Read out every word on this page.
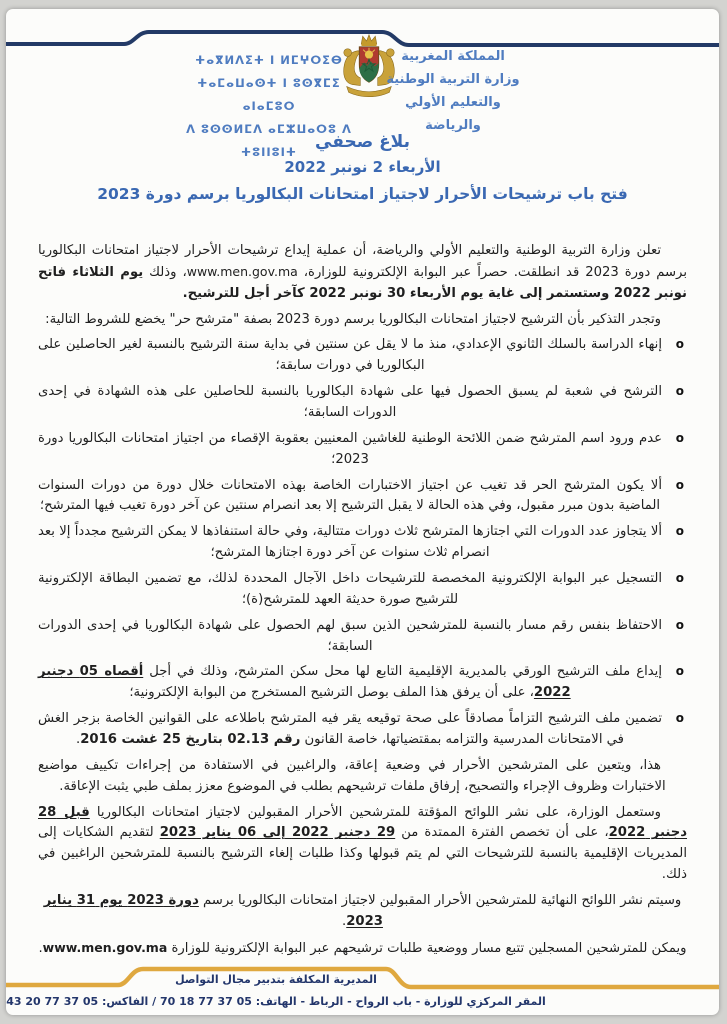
ⵜⴰⴳⵍⴷⵉⵜ ⵏ ⵍⵎⵖⵔⵉⴱ
ⵜⴰⵎⴰⵡⴰⵙⵜ ⵏ ⵓⵙⴳⵎⵉ ⴰⵏⴰⵎⵓⵔ
ⴷ ⵓⵙⵙⵍⵎⴷ ⴰⵎⵣⵡⴰⵔⵓ ⴷ ⵜⵓⵏⵏⵓⵏⵜ
المملكة المغربية
وزارة التربية الوطنية
والتعليم الأولي والرياضة
بلاغ صحفي
الأربعاء 2 نونبر 2022
فتح باب ترشيحات الأحرار لاجتياز امتحانات البكالوريا برسم دورة 2023

تعلن وزارة التربية الوطنية والتعليم الأولي والرياضة، أن عملية إيداع ترشيحات الأحرار لاجتياز امتحانات البكالوريا برسم دورة 2023 قد انطلقت. حصراً عبر البوابة الإلكترونية للوزارة، www.men.gov.ma، وذلك يوم الثلاثاء فاتح نونبر 2022 وستستمر إلى غاية يوم الأربعاء 30 نونبر 2022 كآخر أجل للترشيح.

وتجدر التذكير بأن الترشيح لاجتياز امتحانات البكالوريا برسم دورة 2023 بصفة "مترشح حر" يخضع للشروط التالية:

o إنهاء الدراسة بالسلك الثانوي الإعدادي، منذ ما لا يقل عن سنتين في بداية سنة الترشيح بالنسبة لغير الحاصلين على البكالوريا في دورات سابقة؛
o الترشح في شعبة لم يسبق الحصول فيها على شهادة البكالوريا بالنسبة للحاصلين على هذه الشهادة في إحدى الدورات السابقة؛
o عدم ورود اسم المترشح ضمن اللائحة الوطنية للغاشين المعنيين بعقوبة الإقصاء من اجتياز امتحانات البكالوريا دورة 2023؛
o ألا يكون المترشح الحر قد تغيب عن اجتياز الاختبارات الخاصة بهذه الامتحانات خلال دورة من دورات السنوات الماضية بدون مبرر مقبول، وفي هذه الحالة لا يقبل الترشيح إلا بعد انصرام سنتين عن آخر دورة تغيب فيها المترشح؛
o ألا يتجاوز عدد الدورات التي اجتازها المترشح ثلاث دورات متتالية، وفي حالة استنفاذها لا يمكن الترشيح مجدداً إلا بعد انصرام ثلاث سنوات عن آخر دورة اجتازها المترشح؛
o التسجيل عبر البوابة الإلكترونية المخصصة للترشيحات داخل الآجال المحددة لذلك، مع تضمين البطاقة الإلكترونية للترشيح صورة حديثة العهد للمترشح(ة)؛
o الاحتفاظ بنفس رقم مسار بالنسبة للمترشحين الذين سبق لهم الحصول على شهادة البكالوريا في إحدى الدورات السابقة؛
o إيداع ملف الترشيح الورقي بالمديرية الإقليمية التابع لها محل سكن المترشح، وذلك في أجل أقصاه 05 دجنبر 2022، على أن يرفق هذا الملف بوصل الترشيح المستخرج من البوابة الإلكترونية؛
o تضمين ملف الترشيح التزاماً مصادقاً على صحة توقيعه يقر فيه المترشح باطلاعه على القوانين الخاصة بزجر الغش في الامتحانات المدرسية والتزامه بمقتضياتها، خاصة القانون رقم 02.13 بتاريخ 25 غشت 2016.

هذا، ويتعين على المترشحين الأحرار في وضعية إعاقة، والراغبين في الاستفادة من إجراءات تكييف مواضيع الاختبارات وظروف الإجراء والتصحيح، إرفاق ملفات ترشيحهم بطلب في الموضوع معزز بملف طبي يثبت الإعاقة.

وستعمل الوزارة، على نشر اللوائح المؤقتة للمترشحين الأحرار المقبولين لاجتياز امتحانات البكالوريا قبل 28 دجنبر 2022، على أن تخصص الفترة الممتدة من 29 دجنبر 2022 إلى 06 يناير 2023 لتقديم الشكايات إلى المديريات الإقليمية بالنسبة للترشيحات التي لم يتم قبولها وكذا طلبات إلغاء الترشيح بالنسبة للمترشحين الراغبين في ذلك.

وسيتم نشر اللوائح النهائية للمترشحين الأحرار المقبولين لاجتياز امتحانات البكالوريا برسم دورة 2023 يوم 31 يناير 2023.

ويمكن للمترشحين المسجلين تتبع مسار ووضعية طلبات ترشيحهم عبر البوابة الإلكترونية للوزارة www.men.gov.ma.

المديرية المكلفة بتدبير مجال التواصل
المقر المركزي للوزارة - باب الرواح - الرباط - الهاتف: 05 37 77 18 70 / الفاكس: 05 37 77 20 43
